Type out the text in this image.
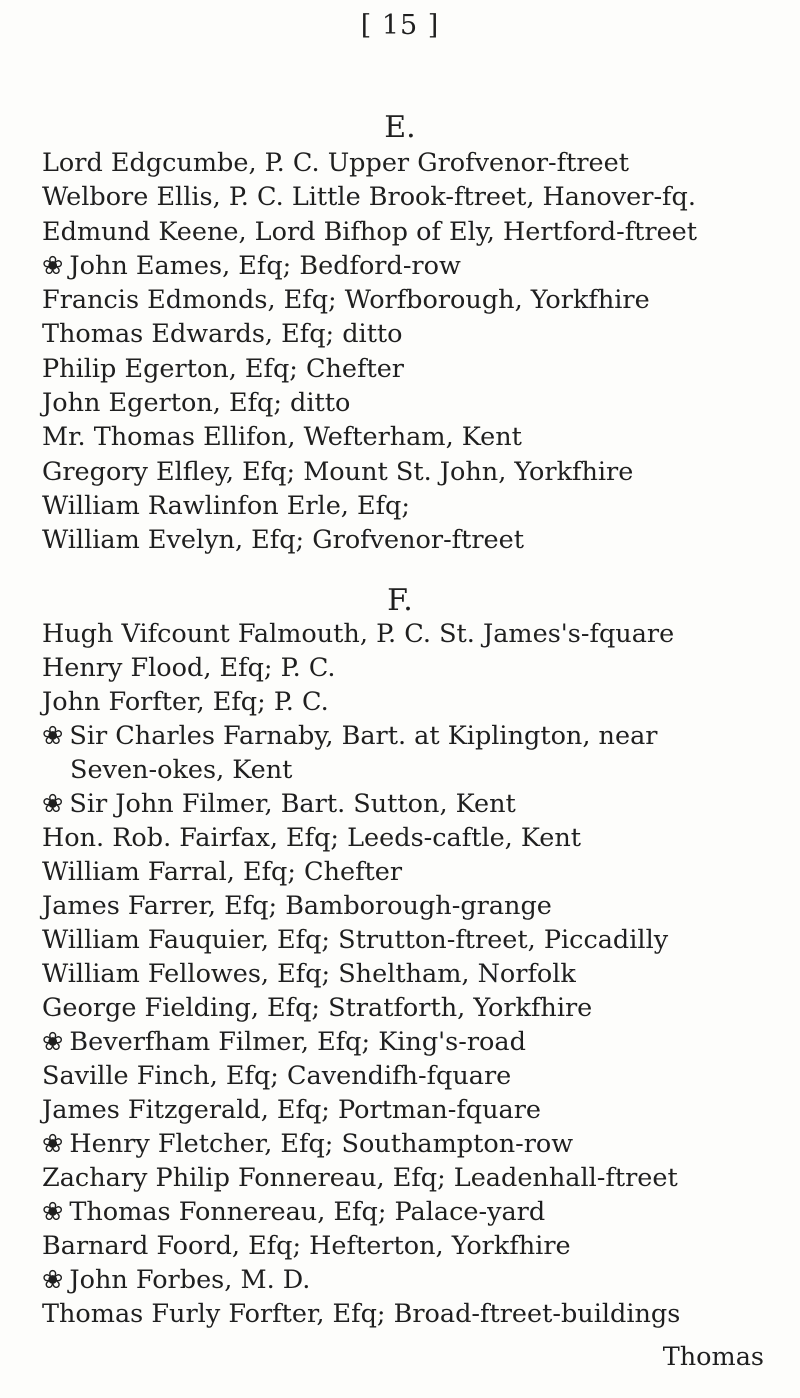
[ 15 ]
E.
Lord Edgcumbe, P. C. Upper Grofvenor-ftreet
Welbore Ellis, P. C. Little Brook-ftreet, Hanover-fq.
Edmund Keene, Lord Bifhop of Ely, Hertford-ftreet
❀ John Eames, Efq; Bedford-row
Francis Edmonds, Efq; Worfborough, Yorkfhire
Thomas Edwards, Efq; ditto
Philip Egerton, Efq; Chefter
John Egerton, Efq; ditto
Mr. Thomas Ellifon, Wefterham, Kent
Gregory Elfley, Efq; Mount St. John, Yorkfhire
William Rawlinfon Erle, Efq;
William Evelyn, Efq; Grofvenor-ftreet
F.
Hugh Vifcount Falmouth, P. C. St. James's-fquare
Henry Flood, Efq; P. C.
John Forfter, Efq; P. C.
❀ Sir Charles Farnaby, Bart. at Kiplington, near
Seven-okes, Kent
❀ Sir John Filmer, Bart. Sutton, Kent
Hon. Rob. Fairfax, Efq; Leeds-caftle, Kent
William Farral, Efq; Chefter
James Farrer, Efq; Bamborough-grange
William Fauquier, Efq; Strutton-ftreet, Piccadilly
William Fellowes, Efq; Sheltham, Norfolk
George Fielding, Efq; Stratforth, Yorkfhire
❀ Beverfham Filmer, Efq; King's-road
Saville Finch, Efq; Cavendifh-fquare
James Fitzgerald, Efq; Portman-fquare
❀ Henry Fletcher, Efq; Southampton-row
Zachary Philip Fonnereau, Efq; Leadenhall-ftreet
❀ Thomas Fonnereau, Efq; Palace-yard
Barnard Foord, Efq; Hefterton, Yorkfhire
❀ John Forbes, M. D.
Thomas Furly Forfter, Efq; Broad-ftreet-buildings
Thomas
